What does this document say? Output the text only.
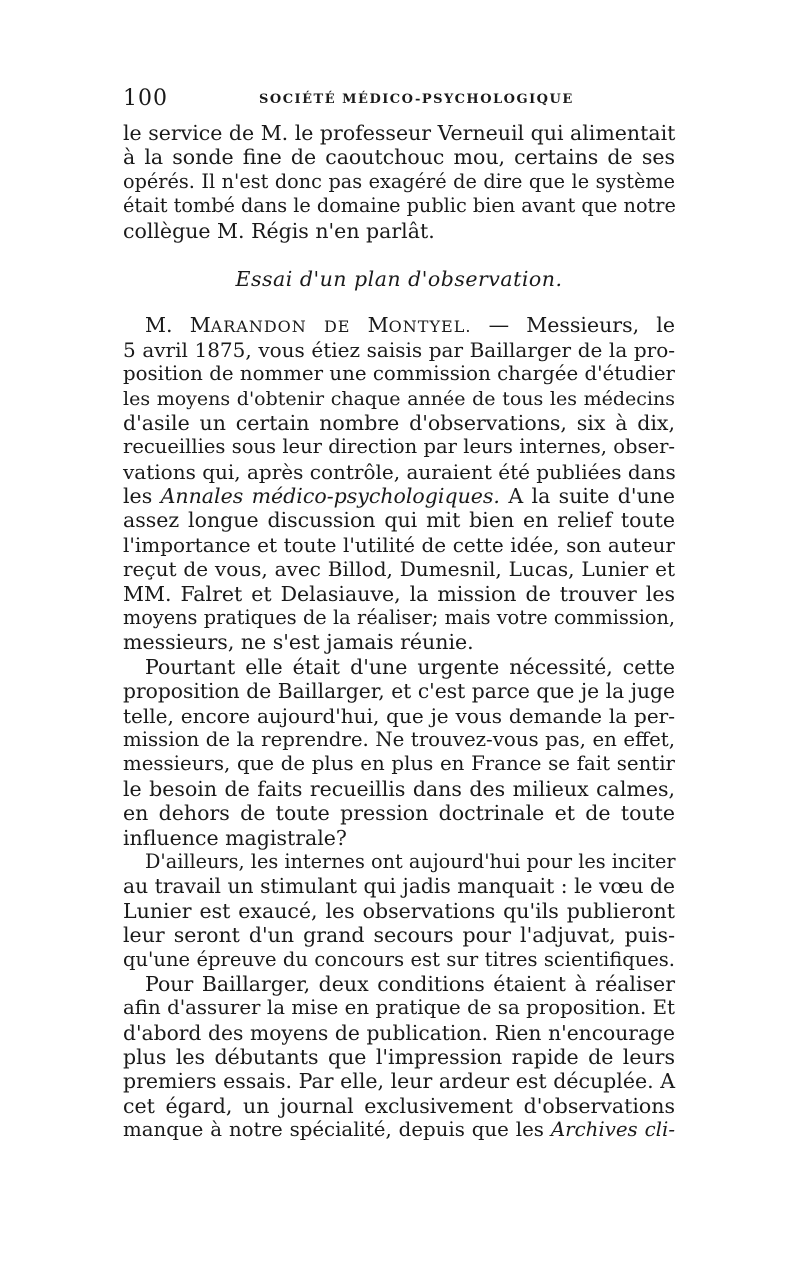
100	SOCIÉTÉ MÉDICO-PSYCHOLOGIQUE
le service de M. le professeur Verneuil qui alimentait
à la sonde fine de caoutchouc mou, certains de ses
opérés. Il n'est donc pas exagéré de dire que le système
était tombé dans le domaine public bien avant que notre
collègue M. Régis n'en parlât.
Essai d'un plan d'observation.
M. MARANDON DE MONTYEL. — Messieurs, le
5 avril 1875, vous étiez saisis par Baillarger de la pro-
position de nommer une commission chargée d'étudier
les moyens d'obtenir chaque année de tous les médecins
d'asile un certain nombre d'observations, six à dix,
recueillies sous leur direction par leurs internes, obser-
vations qui, après contrôle, auraient été publiées dans
les Annales médico-psychologiques. A la suite d'une
assez longue discussion qui mit bien en relief toute
l'importance et toute l'utilité de cette idée, son auteur
reçut de vous, avec Billod, Dumesnil, Lucas, Lunier et
MM. Falret et Delasiauve, la mission de trouver les
moyens pratiques de la réaliser; mais votre commission,
messieurs, ne s'est jamais réunie.
Pourtant elle était d'une urgente nécessité, cette
proposition de Baillarger, et c'est parce que je la juge
telle, encore aujourd'hui, que je vous demande la per-
mission de la reprendre. Ne trouvez-vous pas, en effet,
messieurs, que de plus en plus en France se fait sentir
le besoin de faits recueillis dans des milieux calmes,
en dehors de toute pression doctrinale et de toute
influence magistrale?
D'ailleurs, les internes ont aujourd'hui pour les inciter
au travail un stimulant qui jadis manquait : le vœu de
Lunier est exaucé, les observations qu'ils publieront
leur seront d'un grand secours pour l'adjuvat, puis-
qu'une épreuve du concours est sur titres scientifiques.
Pour Baillarger, deux conditions étaient à réaliser
afin d'assurer la mise en pratique de sa proposition. Et
d'abord des moyens de publication. Rien n'encourage
plus les débutants que l'impression rapide de leurs
premiers essais. Par elle, leur ardeur est décuplée. A
cet égard, un journal exclusivement d'observations
manque à notre spécialité, depuis que les Archives cli-
